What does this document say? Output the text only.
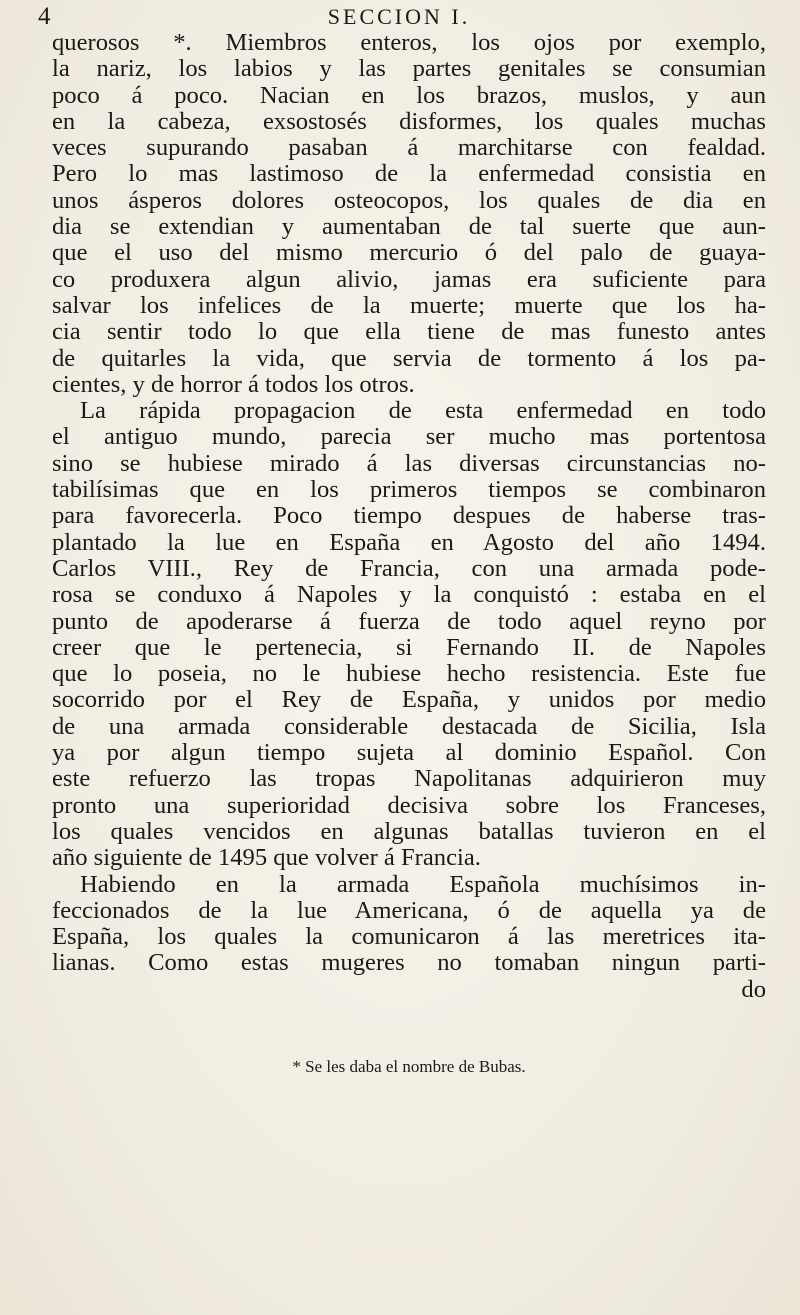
4	SECCION I.
querosos *. Miembros enteros, los ojos por exemplo,
la nariz, los labios y las partes genitales se consumian
poco á poco. Nacian en los brazos, muslos, y aun
en la cabeza, exsostosés disformes, los quales muchas
veces supurando pasaban á marchitarse con fealdad.
Pero lo mas lastimoso de la enfermedad consistia en
unos ásperos dolores osteocopos, los quales de dia en
dia se extendian y aumentaban de tal suerte que aun-
que el uso del mismo mercurio ó del palo de guaya-
co produxera algun alivio, jamas era suficiente para
salvar los infelices de la muerte; muerte que los ha-
cia sentir todo lo que ella tiene de mas funesto antes
de quitarles la vida, que servia de tormento á los pa-
cientes, y de horror á todos los otros.
La rápida propagacion de esta enfermedad en todo
el antiguo mundo, parecia ser mucho mas portentosa
sino se hubiese mirado á las diversas circunstancias no-
tabilísimas que en los primeros tiempos se combinaron
para favorecerla. Poco tiempo despues de haberse tras-
plantado la lue en España en Agosto del año 1494.
Carlos VIII., Rey de Francia, con una armada pode-
rosa se conduxo á Napoles y la conquistó : estaba en el
punto de apoderarse á fuerza de todo aquel reyno por
creer que le pertenecia, si Fernando II. de Napoles
que lo poseia, no le hubiese hecho resistencia. Este fue
socorrido por el Rey de España, y unidos por medio
de una armada considerable destacada de Sicilia, Isla
ya por algun tiempo sujeta al dominio Español. Con
este refuerzo las tropas Napolitanas adquirieron muy
pronto una superioridad decisiva sobre los Franceses,
los quales vencidos en algunas batallas tuvieron en el
año siguiente de 1495 que volver á Francia.
Habiendo en la armada Española muchísimos in-
feccionados de la lue Americana, ó de aquella ya de
España, los quales la comunicaron á las meretrices ita-
lianas. Como estas mugeres no tomaban ningun parti-
do
* Se les daba el nombre de Bubas.
